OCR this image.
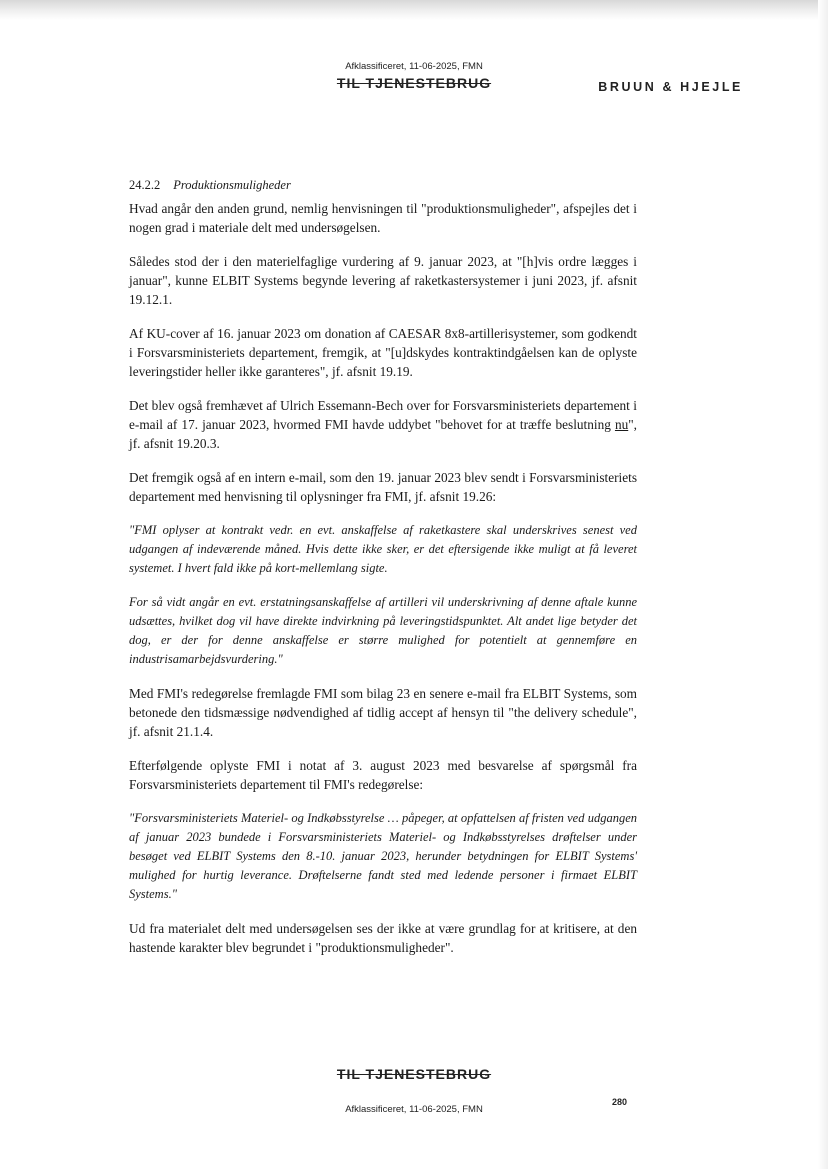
Afklassificeret, 11-06-2025, FMN
TIL TJENESTEBRUG	BRUUN & HJEJLE
24.2.2 Produktionsmuligheder

Hvad angår den anden grund, nemlig henvisningen til "produktionsmuligheder", afspejles det i nogen grad i materiale delt med undersøgelsen.

Således stod der i den materielfaglige vurdering af 9. januar 2023, at "[h]vis ordre lægges i januar", kunne ELBIT Systems begynde levering af raketkastersystemer i juni 2023, jf. afsnit 19.12.1.

Af KU-cover af 16. januar 2023 om donation af CAESAR 8x8-artillerisystemer, som godkendt i Forsvarsministeriets departement, fremgik, at "[u]dskydes kontraktindgåelsen kan de oplyste leveringstider heller ikke garanteres", jf. afsnit 19.19.

Det blev også fremhævet af Ulrich Essemann-Bech over for Forsvarsministeriets departement i e-mail af 17. januar 2023, hvormed FMI havde uddybet "behovet for at træffe beslutning nu", jf. afsnit 19.20.3.

Det fremgik også af en intern e-mail, som den 19. januar 2023 blev sendt i Forsvarsministeriets departement med henvisning til oplysninger fra FMI, jf. afsnit 19.26:

"FMI oplyser at kontrakt vedr. en evt. anskaffelse af raketkastere skal underskrives senest ved udgangen af indeværende måned. Hvis dette ikke sker, er det eftersigende ikke muligt at få leveret systemet. I hvert fald ikke på kort-mellemlang sigte.

For så vidt angår en evt. erstatningsanskaffelse af artilleri vil underskrivning af denne aftale kunne udsættes, hvilket dog vil have direkte indvirkning på leveringstidspunktet. Alt andet lige betyder det dog, er der for denne anskaffelse er større mulighed for potentielt at gennemføre en industrisamarbejdsvurdering."

Med FMI's redegørelse fremlagde FMI som bilag 23 en senere e-mail fra ELBIT Systems, som betonede den tidsmæssige nødvendighed af tidlig accept af hensyn til "the delivery schedule", jf. afsnit 21.1.4.

Efterfølgende oplyste FMI i notat af 3. august 2023 med besvarelse af spørgsmål fra Forsvarsministeriets departement til FMI's redegørelse:

"Forsvarsministeriets Materiel- og Indkøbsstyrelse … påpeger, at opfattelsen af fristen ved udgangen af januar 2023 bundede i Forsvarsministeriets Materiel- og Indkøbsstyrelses drøftelser under besøget ved ELBIT Systems den 8.-10. januar 2023, herunder betydningen for ELBIT Systems' mulighed for hurtig leverance. Drøftelserne fandt sted med ledende personer i firmaet ELBIT Systems."

Ud fra materialet delt med undersøgelsen ses der ikke at være grundlag for at kritisere, at den hastende karakter blev begrundet i "produktionsmuligheder".

TIL TJENESTEBRUG
280
Afklassificeret, 11-06-2025, FMN
